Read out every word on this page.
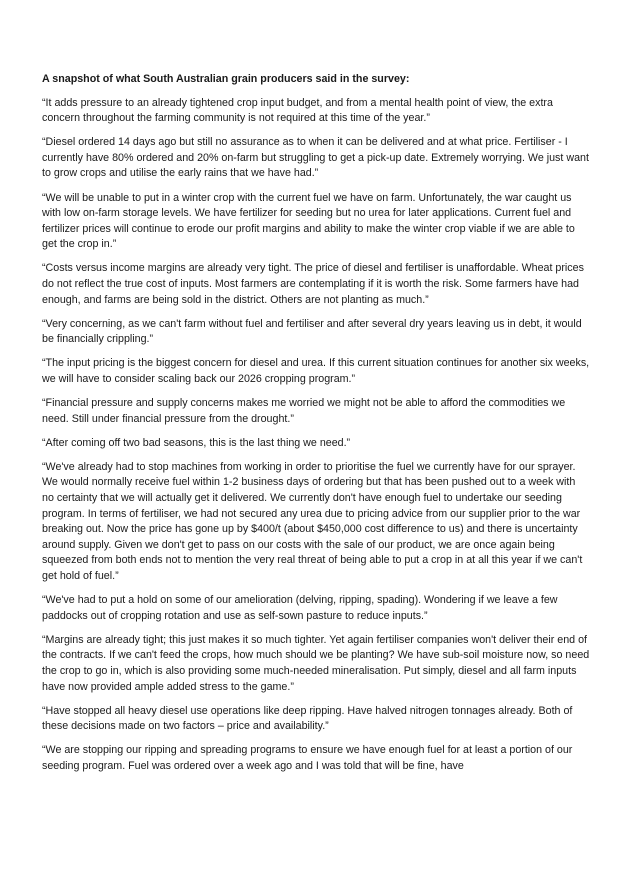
A snapshot of what South Australian grain producers said in the survey:

“It adds pressure to an already tightened crop input budget, and from a mental health point of view, the extra concern throughout the farming community is not required at this time of the year.”

“Diesel ordered 14 days ago but still no assurance as to when it can be delivered and at what price. Fertiliser - I currently have 80% ordered and 20% on-farm but struggling to get a pick-up date. Extremely worrying. We just want to grow crops and utilise the early rains that we have had.”

“We will be unable to put in a winter crop with the current fuel we have on farm. Unfortunately, the war caught us with low on-farm storage levels. We have fertilizer for seeding but no urea for later applications. Current fuel and fertilizer prices will continue to erode our profit margins and ability to make the winter crop viable if we are able to get the crop in.”

“Costs versus income margins are already very tight. The price of diesel and fertiliser is unaffordable. Wheat prices do not reflect the true cost of inputs. Most farmers are contemplating if it is worth the risk. Some farmers have had enough, and farms are being sold in the district. Others are not planting as much.”

“Very concerning, as we can't farm without fuel and fertiliser and after several dry years leaving us in debt, it would be financially crippling.”

“The input pricing is the biggest concern for diesel and urea. If this current situation continues for another six weeks, we will have to consider scaling back our 2026 cropping program.”

“Financial pressure and supply concerns makes me worried we might not be able to afford the commodities we need. Still under financial pressure from the drought.”

“After coming off two bad seasons, this is the last thing we need.”

“We've already had to stop machines from working in order to prioritise the fuel we currently have for our sprayer. We would normally receive fuel within 1-2 business days of ordering but that has been pushed out to a week with no certainty that we will actually get it delivered. We currently don't have enough fuel to undertake our seeding program. In terms of fertiliser, we had not secured any urea due to pricing advice from our supplier prior to the war breaking out. Now the price has gone up by $400/t (about $450,000 cost difference to us) and there is uncertainty around supply. Given we don't get to pass on our costs with the sale of our product, we are once again being squeezed from both ends not to mention the very real threat of being able to put a crop in at all this year if we can't get hold of fuel.”

“We've had to put a hold on some of our amelioration (delving, ripping, spading). Wondering if we leave a few paddocks out of cropping rotation and use as self-sown pasture to reduce inputs.”

“Margins are already tight; this just makes it so much tighter. Yet again fertiliser companies won't deliver their end of the contracts. If we can't feed the crops, how much should we be planting? We have sub-soil moisture now, so need the crop to go in, which is also providing some much-needed mineralisation. Put simply, diesel and all farm inputs have now provided ample added stress to the game.”

“Have stopped all heavy diesel use operations like deep ripping. Have halved nitrogen tonnages already. Both of these decisions made on two factors – price and availability.”

“We are stopping our ripping and spreading programs to ensure we have enough fuel for at least a portion of our seeding program. Fuel was ordered over a week ago and I was told that will be fine, have
